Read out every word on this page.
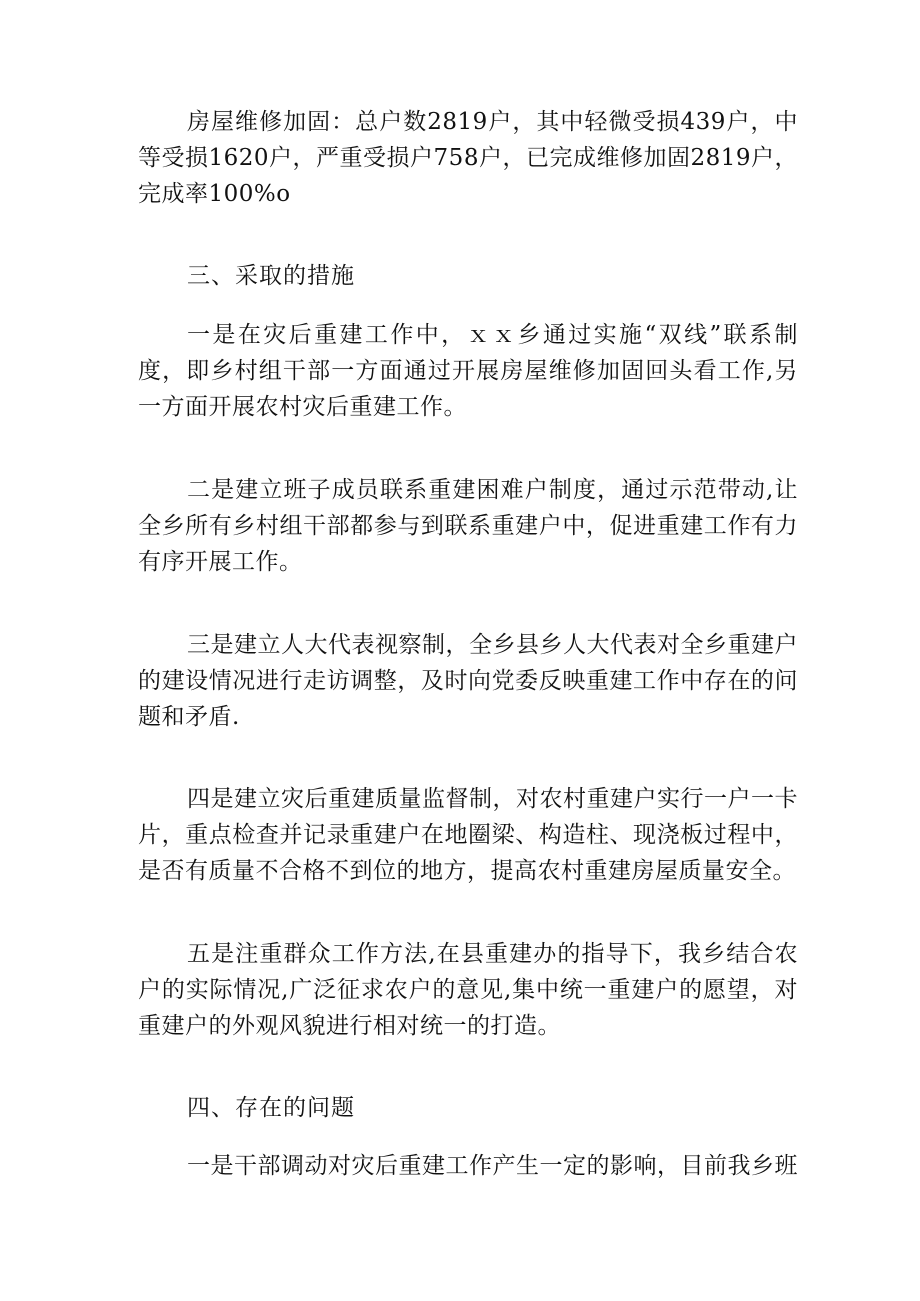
房屋维修加固：总户数2819户，其中轻微受损439户，中
等受损1620户，严重受损户758户，已完成维修加固2819户，
完成率100%o
三、采取的措施
一是在灾后重建工作中，ｘｘ乡通过实施“双线”联系制
度，即乡村组干部一方面通过开展房屋维修加固回头看工作,另
一方面开展农村灾后重建工作。
二是建立班子成员联系重建困难户制度，通过示范带动,让
全乡所有乡村组干部都参与到联系重建户中，促进重建工作有力
有序开展工作。
三是建立人大代表视察制，全乡县乡人大代表对全乡重建户
的建设情况进行走访调整，及时向党委反映重建工作中存在的问
题和矛盾.
四是建立灾后重建质量监督制，对农村重建户实行一户一卡
片，重点检查并记录重建户在地圈梁、构造柱、现浇板过程中，
是否有质量不合格不到位的地方，提高农村重建房屋质量安全。
五是注重群众工作方法,在县重建办的指导下，我乡结合农
户的实际情况,广泛征求农户的意见,集中统一重建户的愿望，对
重建户的外观风貌进行相对统一的打造。
四、存在的问题
一是干部调动对灾后重建工作产生一定的影响，目前我乡班
